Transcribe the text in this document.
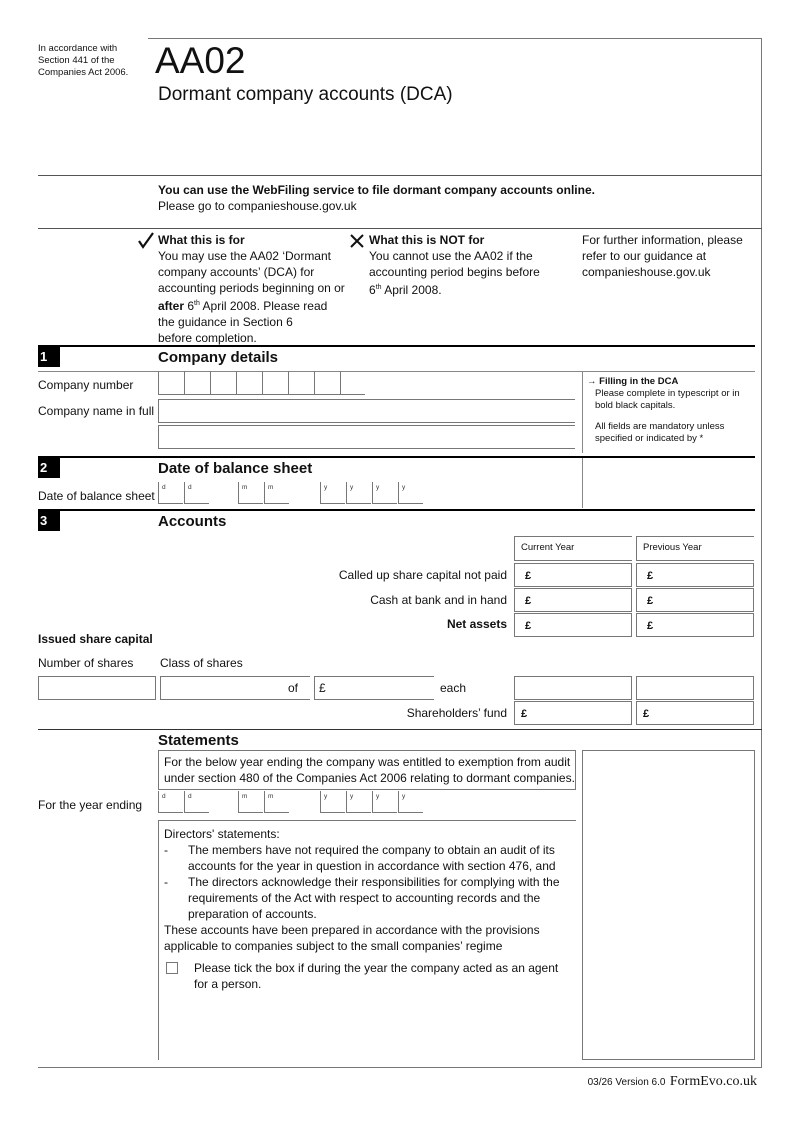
In accordance with
Section 441 of the
Companies Act 2006. AA02
Dormant company accounts (DCA)
You can use the WebFiling service to file dormant company accounts online.
Please go to companieshouse.gov.uk
What this is for
You may use the AA02 ‘Dormant
company accounts’ (DCA) for
accounting periods beginning on or
after 6th April 2008. Please read
the guidance in Section 6
before completion.
What this is NOT for
You cannot use the AA02 if the
accounting period begins before
6th April 2008.
For further information, please
refer to our guidance at
companieshouse.gov.uk
1	Company details
Company number
Company name in full
→ Filling in the DCA
Please complete in typescript or in
bold black capitals.
All fields are mandatory unless
specified or indicated by *
2	Date of balance sheet
Date of balance sheet
d	d	m	m	y	y	y	y
3	Accounts
Current Year	Previous Year
Called up share capital not paid £	£
Cash at bank and in hand £	£
Net assets £	£
Issued share capital
Number of shares Class of shares
of £	each
Shareholders’ fund £	£
Statements
For the below year ending the company was entitled to exemption from audit
under section 480 of the Companies Act 2006 relating to dormant companies.
For the year ending
d	d	m	m	y	y	y	y
Directors' statements:
- The members have not required the company to obtain an audit of its
accounts for the year in question in accordance with section 476, and
- The directors acknowledge their responsibilities for complying with the
requirements of the Act with respect to accounting records and the
preparation of accounts.
These accounts have been prepared in accordance with the provisions
applicable to companies subject to the small companies’ regime
Please tick the box if during the year the company acted as an agent
for a person.
03/26 Version 6.0 FormEvo.co.uk
